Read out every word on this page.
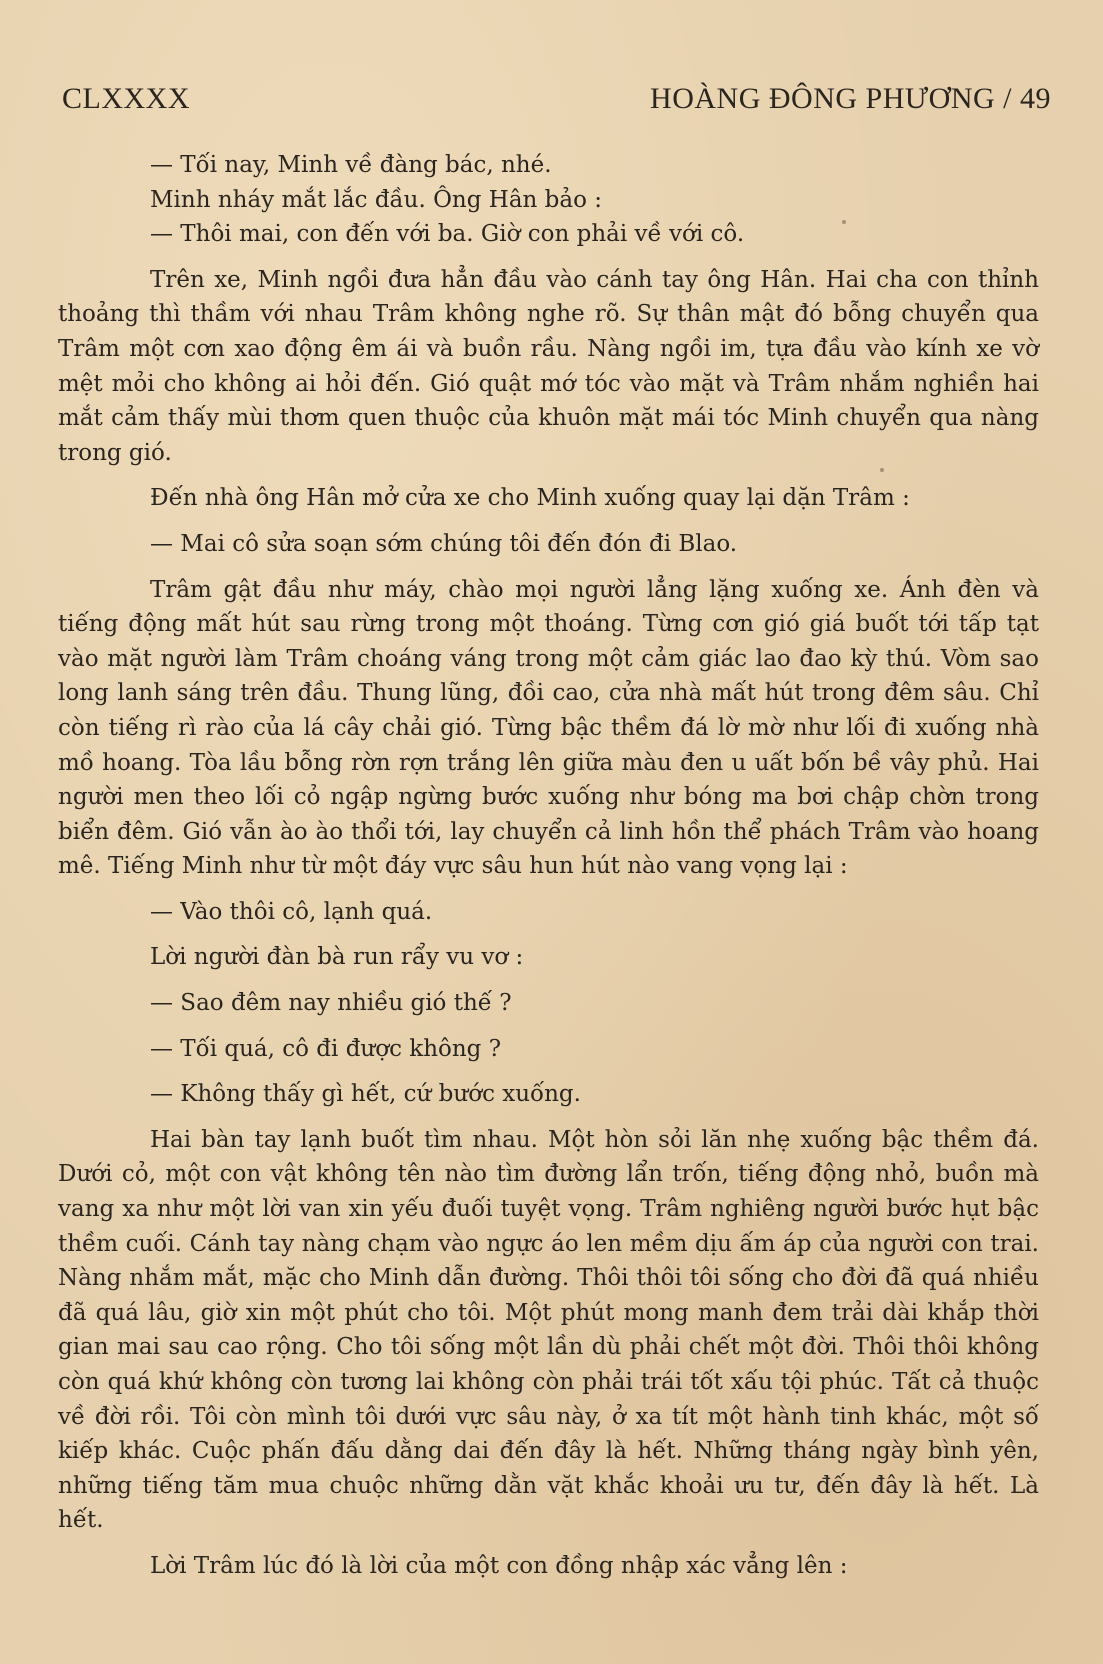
CLXXXX	HOÀNG ĐÔNG PHƯƠNG / 49

— Tối nay, Minh về đàng bác, nhé.

Minh nháy mắt lắc đầu. Ông Hân bảo :

— Thôi mai, con đến với ba. Giờ con phải về với cô.

Trên xe, Minh ngồi đưa hẳn đầu vào cánh tay ông Hân. Hai cha con thỉnh thoảng thì thầm với nhau Trâm không nghe rõ. Sự thân mật đó bỗng chuyển qua Trâm một cơn xao động êm ái và buồn rầu. Nàng ngồi im, tựa đầu vào kính xe vờ mệt mỏi cho không ai hỏi đến. Gió quật mớ tóc vào mặt và Trâm nhắm nghiền hai mắt cảm thấy mùi thơm quen thuộc của khuôn mặt mái tóc Minh chuyển qua nàng trong gió.

Đến nhà ông Hân mở cửa xe cho Minh xuống quay lại dặn Trâm :

— Mai cô sửa soạn sớm chúng tôi đến đón đi Blao.

Trâm gật đầu như máy, chào mọi người lẳng lặng xuống xe. Ánh đèn và tiếng động mất hút sau rừng trong một thoáng. Từng cơn gió giá buốt tới tấp tạt vào mặt người làm Trâm choáng váng trong một cảm giác lao đao kỳ thú. Vòm sao long lanh sáng trên đầu. Thung lũng, đồi cao, cửa nhà mất hút trong đêm sâu. Chỉ còn tiếng rì rào của lá cây chải gió. Từng bậc thềm đá lờ mờ như lối đi xuống nhà mồ hoang. Tòa lầu bỗng rờn rợn trắng lên giữa màu đen u uất bốn bề vây phủ. Hai người men theo lối cỏ ngập ngừng bước xuống như bóng ma bơi chập chờn trong biển đêm. Gió vẫn ào ào thổi tới, lay chuyển cả linh hồn thể phách Trâm vào hoang mê. Tiếng Minh như từ một đáy vực sâu hun hút nào vang vọng lại :

— Vào thôi cô, lạnh quá.

Lời người đàn bà run rẩy vu vơ :

— Sao đêm nay nhiều gió thế ?

— Tối quá, cô đi được không ?

— Không thấy gì hết, cứ bước xuống.

Hai bàn tay lạnh buốt tìm nhau. Một hòn sỏi lăn nhẹ xuống bậc thềm đá. Dưới cỏ, một con vật không tên nào tìm đường lẩn trốn, tiếng động nhỏ, buồn mà vang xa như một lời van xin yếu đuối tuyệt vọng. Trâm nghiêng người bước hụt bậc thềm cuối. Cánh tay nàng chạm vào ngực áo len mềm dịu ấm áp của người con trai. Nàng nhắm mắt, mặc cho Minh dẫn đường. Thôi thôi tôi sống cho đời đã quá nhiều đã quá lâu, giờ xin một phút cho tôi. Một phút mong manh đem trải dài khắp thời gian mai sau cao rộng. Cho tôi sống một lần dù phải chết một đời. Thôi thôi không còn quá khứ không còn tương lai không còn phải trái tốt xấu tội phúc. Tất cả thuộc về đời rồi. Tôi còn mình tôi dưới vực sâu này, ở xa tít một hành tinh khác, một số kiếp khác. Cuộc phấn đấu dằng dai đến đây là hết. Những tháng ngày bình yên, những tiếng tăm mua chuộc những dằn vặt khắc khoải ưu tư, đến đây là hết. Là hết.

Lời Trâm lúc đó là lời của một con đồng nhập xác vẳng lên :
